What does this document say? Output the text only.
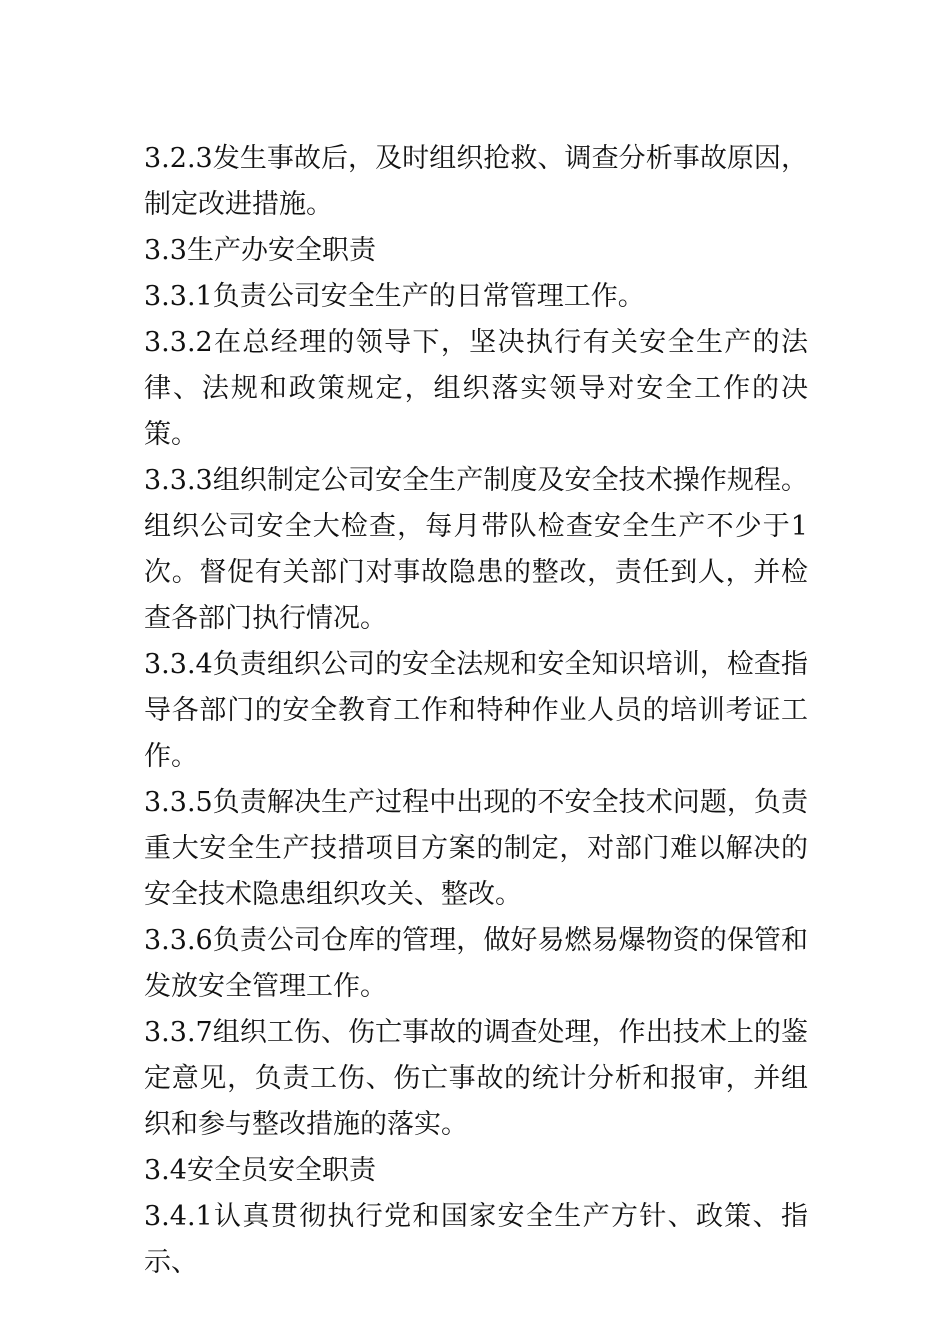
3.2.3发生事故后，及时组织抢救、调查分析事故原因，制定改进措施。

3.3生产办安全职责

3.3.1负责公司安全生产的日常管理工作。

3.3.2在总经理的领导下，坚决执行有关安全生产的法律、法规和政策规定，组织落实领导对安全工作的决策。

3.3.3组织制定公司安全生产制度及安全技术操作规程。组织公司安全大检查，每月带队检查安全生产不少于1次。督促有关部门对事故隐患的整改，责任到人，并检查各部门执行情况。

3.3.4负责组织公司的安全法规和安全知识培训，检查指导各部门的安全教育工作和特种作业人员的培训考证工作。

3.3.5负责解决生产过程中出现的不安全技术问题，负责重大安全生产技措项目方案的制定，对部门难以解决的安全技术隐患组织攻关、整改。

3.3.6负责公司仓库的管理，做好易燃易爆物资的保管和发放安全管理工作。

3.3.7组织工伤、伤亡事故的调查处理，作出技术上的鉴定意见，负责工伤、伤亡事故的统计分析和报审，并组织和参与整改措施的落实。

3.4安全员安全职责

3.4.1认真贯彻执行党和国家安全生产方针、政策、指示、
